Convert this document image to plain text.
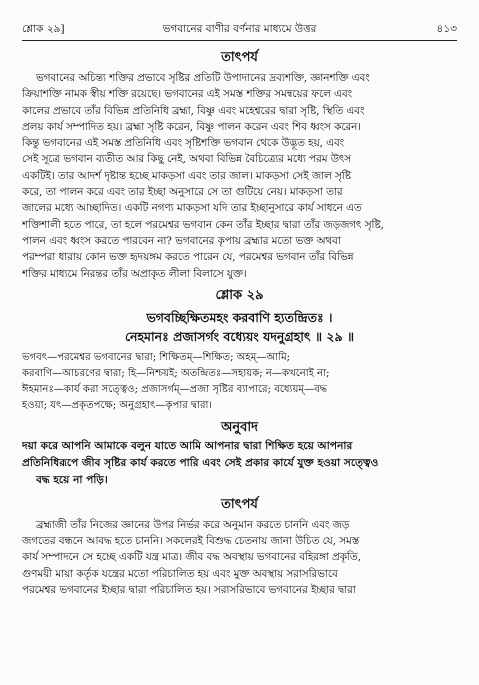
শ্লোক ২৯]	ভগবানের বাণীর বর্ণনার মাধ্যমে উত্তর	৪১৩
তাৎপর্য
ভগবানের অচিন্ত্য শক্তির প্রভাবে সৃষ্টির প্রতিটি উপাদানের দ্রব্যশক্তি, জ্ঞানশক্তি এবং
ক্রিয়াশক্তি নামক স্বীয় শক্তি রয়েছে। ভগবানের এই সমস্ত শক্তির সমন্বয়ের ফলে এবং
কালের প্রভাবে তাঁর বিভিন্ন প্রতিনিধি ব্রহ্মা, বিষ্ণু এবং মহেশ্বরের দ্বারা সৃষ্টি, স্থিতি এবং
প্রলয় কার্য সম্পাদিত হয়। ব্রহ্মা সৃষ্টি করেন, বিষ্ণু পালন করেন এবং শিব ধ্বংস করেন।
কিন্তু ভগবানের এই সমস্ত প্রতিনিধি এবং সৃষ্টিশক্তি ভগবান থেকে উদ্ভূত হয়, এবং
সেই সূত্রে ভগবান ব্যতীত আর কিছু নেই, অথবা বিভিন্ন বৈচিত্র্যের মধ্যে পরম উৎস
একটিই। তার আদর্শ দৃষ্টান্ত হচ্ছে মাকড়সা এবং তার জাল। মাকড়সা সেই জাল সৃষ্টি
করে, তা পালন করে এবং তার ইচ্ছা অনুসারে সে তা গুটিয়ে নেয়। মাকড়সা তার
জালের মধ্যে আচ্ছাদিত। একটি নগণ্য মাকড়সা যদি তার ইচ্ছানুসারে কার্য সাধনে এত
শক্তিশালী হতে পারে, তা হলে পরমেশ্বর ভগবান কেন তাঁর ইচ্ছার দ্বারা তাঁর জড়জগৎ সৃষ্টি,
পালন এবং ধ্বংস করতে পারবেন না? ভগবানের কৃপায় ব্রহ্মার মতো ভক্ত অথবা
পরম্পরা ধারায় কোন ভক্ত হৃদয়ঙ্গম করতে পারেন যে, পরমেশ্বর ভগবান তাঁর বিভিন্ন
শক্তির মাধ্যমে নিরন্তর তাঁর অপ্রাকৃত লীলা বিলাসে যুক্ত।
শ্লোক ২৯
ভগবচ্ছিক্ষিতমহং করবাণি হ্যতন্দ্রিতঃ ।
নেহমানঃ প্রজাসর্গং বধ্যেয়ং যদনুগ্রহাৎ ॥ ২৯ ॥
ভগবৎ—পরমেশ্বর ভগবানের দ্বারা; শিক্ষিতম্—শিক্ষিত; অহম্—আমি;
করবাণি—আচরণের দ্বারা; হি—নিশ্চয়ই; অতন্দ্রিতঃ—সহায়ক; ন—কখনোই না;
ঈহমানঃ—কার্য করা সত্ত্বেও; প্রজাসর্গম্—প্রজা সৃষ্টির ব্যাপারে; বধ্যেয়ম্—বদ্ধ
হওয়া; যৎ—প্রকৃতপক্ষে; অনুগ্রহাৎ—কৃপার দ্বারা।
অনুবাদ
দয়া করে আপনি আমাকে বলুন যাতে আমি আপনার দ্বারা শিক্ষিত হয়ে আপনার
প্রতিনিধিরূপে জীব সৃষ্টির কার্য করতে পারি এবং সেই প্রকার কার্যে যুক্ত হওয়া সত্ত্বেও
বদ্ধ হয়ে না পড়ি।
তাৎপর্য
ব্রহ্মাজী তাঁর নিজের জ্ঞানের উপর নির্ভর করে অনুমান করতে চাননি এবং জড়
জগতের বন্ধনে আবদ্ধ হতে চাননি। সকলেরই বিশুদ্ধ চেতনায় জানা উচিত যে, সমস্ত
কার্য সম্পাদনে সে হচ্ছে একটি যন্ত্র মাত্র। জীব বদ্ধ অবস্থায় ভগবানের বহিরঙ্গা প্রকৃতি,
গুণময়ী মায়া কর্তৃক যন্ত্রের মতো পরিচালিত হয় এবং মুক্ত অবস্থায় সরাসরিভাবে
পরমেশ্বর ভগবানের ইচ্ছার দ্বারা পরিচালিত হয়। সরাসরিভাবে ভগবানের ইচ্ছার দ্বারা
